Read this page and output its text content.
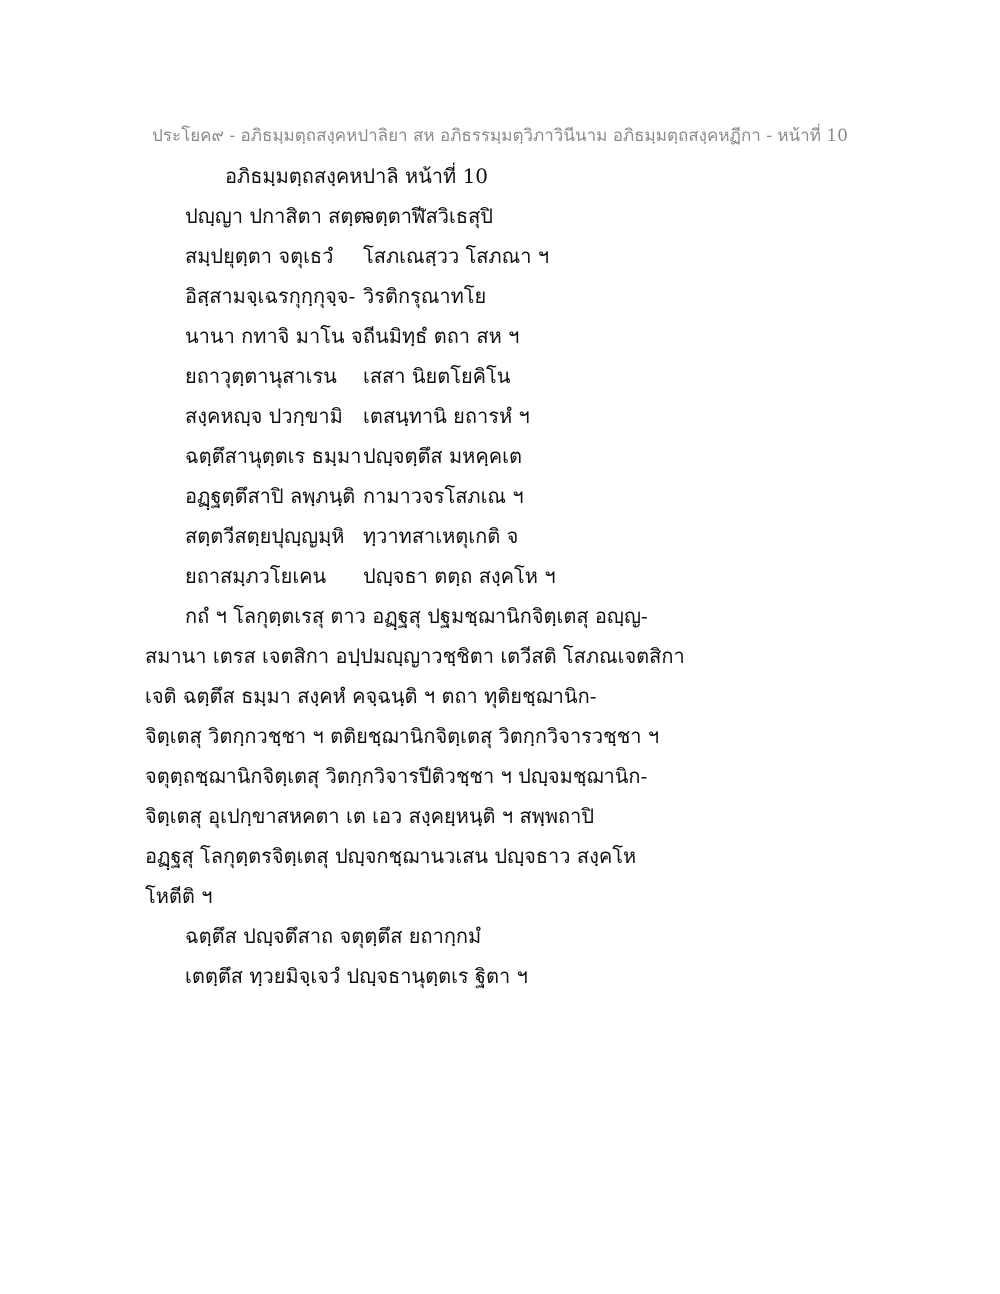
ประโยค๙ - อภิธมฺมตฺถสงฺคหปาลิยา สห อภิธรรมฺมตฺวิภาวินีนาม อภิธมฺมตฺถสงฺคหฏีกา - หน้าที่ 10
อภิธมฺมตฺถสงฺคหปาลิ หน้าที่ 10
ปญฺญา ปกาสิตา สตฺต-จตฺตาฬีสวิเธสุปิ
สมฺปยุตฺตา จตุเธวํ โสภเณสฺวว โสภณา ฯ
อิสฺสามจฺเฉรกุกฺกุจฺจ- วิรติกรุณาทโย
นานา กทาจิ มาโน จถีนมิทฺธํ ตถา สห ฯ
ยถาวุตฺตานุสาเรน เสสา นิยตโยคิโน
สงฺคหญฺจ ปวกฺขามิ เตสนฺทานิ ยถารหํ ฯ
ฉตฺตึสานุตฺตเร ธมฺมาปญฺจตฺตึส มหคฺคเต
อฏฺฐตฺตึสาปิ ลพฺภนฺติ กามาวจรโสภเณ ฯ
สตฺตวีสตฺยปุญฺญมฺหิ ทฺวาทสาเหตุเกติ จ
ยถาสมฺภวโยเคน ปญฺจธา ตตฺถ สงฺคโห ฯ
กถํ ฯ โลกุตฺตเรสุ ตาว อฏฺฐสุ ปฐมชฺฌานิกจิตฺเตสุ อญฺญ-
สมานา เตรส เจตสิกา อปฺปมญฺญาวชฺชิตา เตวีสติ โสภณเจตสิกา
เจติ ฉตฺตึส ธมฺมา สงฺคหํ คจฺฉนฺติ ฯ ตถา ทุติยชฺฌานิก-
จิตฺเตสุ วิตกฺกวชฺชา ฯ ตติยชฺฌานิกจิตฺเตสุ วิตกฺกวิจารวชฺชา ฯ
จตุตฺถชฺฌานิกจิตฺเตสุ วิตกฺกวิจารปีติวชฺชา ฯ ปญฺจมชฺฌานิก-
จิตฺเตสุ อุเปกฺขาสหคตา เต เอว สงฺคยฺหนฺติ ฯ สพฺพถาปิ
อฏฺฐสุ โลกุตฺตรจิตฺเตสุ ปญฺจกชฺฌานวเสน ปญฺจธาว สงฺคโห
โหตีติ ฯ
ฉตฺตึส ปญฺจตึสาถ จตุตฺตึส ยถากฺกมํ
เตตฺตึส ทฺวยมิจฺเจวํ ปญฺจธานุตฺตเร ฐิตา ฯ
